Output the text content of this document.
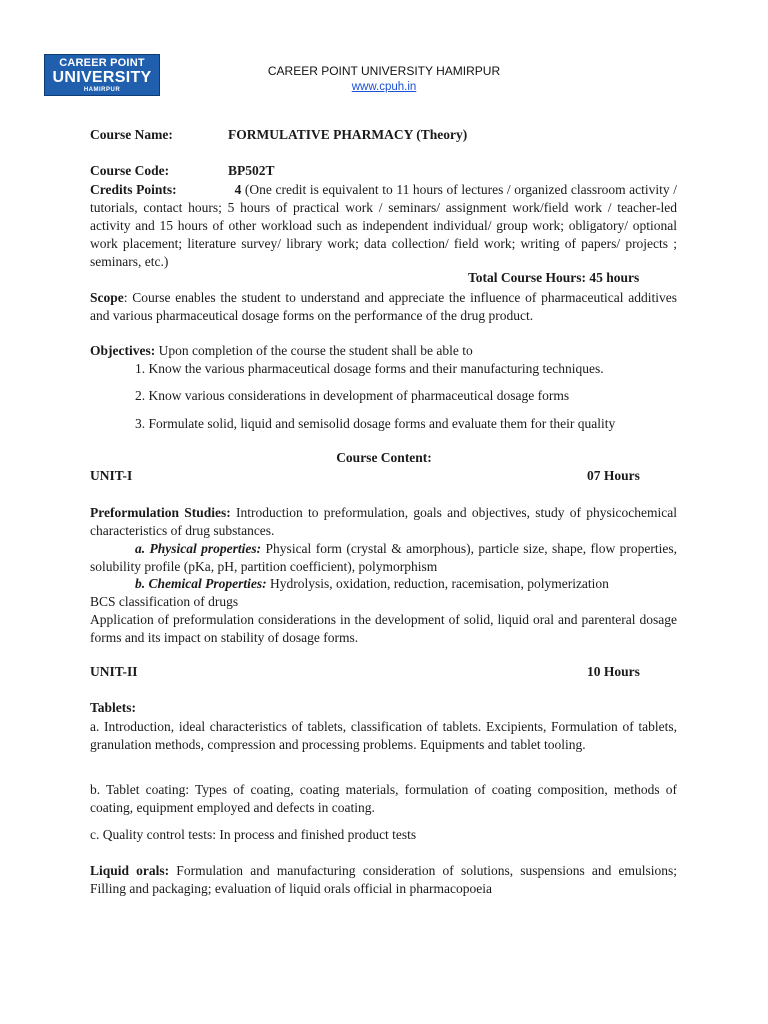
CAREER POINT
UNIVERSITY
HAMIRPUR
CAREER POINT UNIVERSITY HAMIRPUR
www.cpuh.in
Course Name:	FORMULATIVE PHARMACY (Theory)
Course Code:	BP502T

Credits Points:	4 (One credit is equivalent to 11 hours of lectures / organized classroom activity / tutorials, contact hours; 5 hours of practical work / seminars/ assignment work/field work / teacher-led activity and 15 hours of other workload such as independent individual/ group work; obligatory/ optional work placement; literature survey/ library work; data collection/ field work; writing of papers/ projects ; seminars, etc.)

Total Course Hours: 45 hours

Scope: Course enables the student to understand and appreciate the influence of pharmaceutical additives and various pharmaceutical dosage forms on the performance of the drug product.

Objectives: Upon completion of the course the student shall be able to

1. Know the various pharmaceutical dosage forms and their manufacturing techniques.
2. Know various considerations in development of pharmaceutical dosage forms
3. Formulate solid, liquid and semisolid dosage forms and evaluate them for their quality
Course Content:
UNIT-I	07 Hours

Preformulation Studies: Introduction to preformulation, goals and objectives, study of physicochemical characteristics of drug substances.

a. Physical properties: Physical form (crystal & amorphous), particle size, shape, flow properties, solubility profile (pKa, pH, partition coefficient), polymorphism

b. Chemical Properties: Hydrolysis, oxidation, reduction, racemisation, polymerization

BCS classification of drugs

Application of preformulation considerations in the development of solid, liquid oral and parenteral dosage forms and its impact on stability of dosage forms.

UNIT-II	10 Hours
Tablets:

a. Introduction, ideal characteristics of tablets, classification of tablets. Excipients, Formulation of tablets, granulation methods, compression and processing problems. Equipments and tablet tooling.

b. Tablet coating: Types of coating, coating materials, formulation of coating composition, methods of coating, equipment employed and defects in coating.

c. Quality control tests: In process and finished product tests

Liquid orals: Formulation and manufacturing consideration of solutions, suspensions and emulsions; Filling and packaging; evaluation of liquid orals official in pharmacopoeia
